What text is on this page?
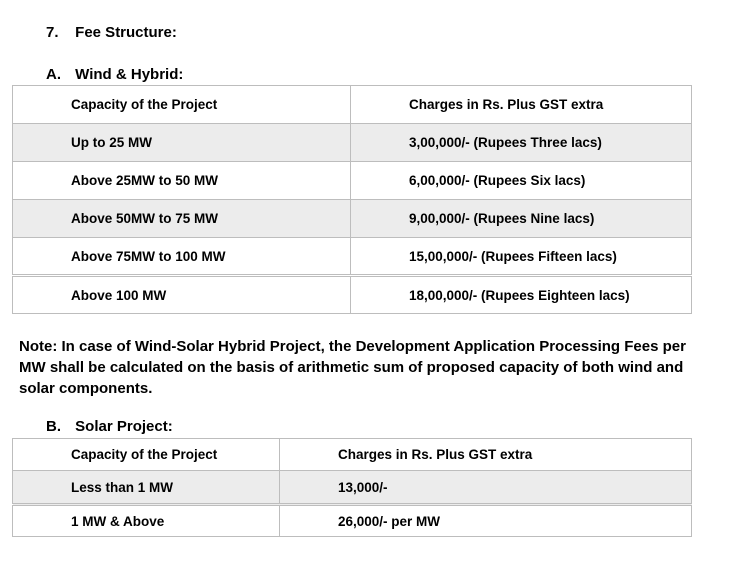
7. Fee Structure:
A. Wind & Hybrid:
Capacity of the Project	Charges in Rs. Plus GST extra
Up to 25 MW	3,00,000/- (Rupees Three lacs)
Above 25MW to 50 MW	6,00,000/- (Rupees Six lacs)
Above 50MW to 75 MW	9,00,000/- (Rupees Nine lacs)
Above 75MW to 100 MW	15,00,000/- (Rupees Fifteen lacs)
Above 100 MW	18,00,000/- (Rupees Eighteen lacs)
Note: In case of Wind-Solar Hybrid Project, the Development Application Processing Fees per MW shall be calculated on the basis of arithmetic sum of proposed capacity of both wind and solar components.
B. Solar Project:
Capacity of the Project	Charges in Rs. Plus GST extra
Less than 1 MW	13,000/-
1 MW & Above	26,000/- per MW
